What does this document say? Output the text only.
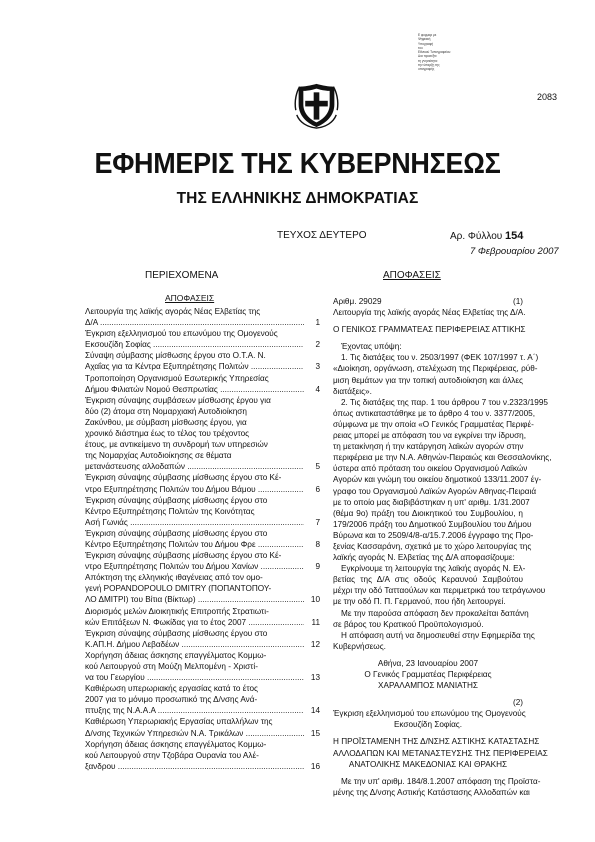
Ε φορμαρ με
Ψηφιακή
Υπογραφή
του
Εθνικού Τυπογραφείου
Δια προσέξτε
τη γνησιότητα
την ύπαρξη της
υπογραφής
2083
ΕΦΗΜΕΡΙΣ ΤΗΣ ΚΥΒΕΡΝΗΣΕΩΣ
ΤΗΣ ΕΛΛΗΝΙΚΗΣ ΔΗΜΟΚΡΑΤΙΑΣ
ΤΕΥΧΟΣ ΔΕΥΤΕΡΟ	Αρ. Φύλλου 154
7 Φεβρουαρίου 2007
ΠΕΡΙΕΧΟΜΕΝΑ	ΑΠΟΦΑΣΕΙΣ
ΑΠΟΦΑΣΕΙΣ
Λειτουργία της λαϊκής αγοράς Νέας Ελβετίας της
Δ/Α .....	1
Έγκριση εξελληνισμού του επωνύμου της Ομογενούς
Εκσουζίδη Σοφίας .....	2
Σύναψη σύμβασης μίσθωσης έργου στο Ο.Τ.Α. Ν.
Αχαΐας για τα Κέντρα Εξυπηρέτησης Πολιτών .....	3
Τροποποίηση Οργανισμού Εσωτερικής Υπηρεσίας
Δήμου Φιλιατών Νομού Θεσπρωτίας .....	4
Έγκριση σύναψης συμβάσεων μίσθωσης έργου για
δύο (2) άτομα στη Νομαρχιακή Αυτοδιοίκηση
Ζακύνθου, με σύμβαση μίσθωσης έργου, για
χρονικό διάστημα έως το τέλος του τρέχοντος
έτους, με αντικείμενο τη συνδρομή των υπηρεσιών
της Νομαρχίας Αυτοδιοίκησης σε θέματα
μετανάστευσης αλλοδαπών .....	5
Έγκριση σύναψης σύμβασης μίσθωσης έργου στο Κέ-
ντρο Εξυπηρέτησης Πολιτών του Δήμου Βάμου .....	6
Έγκριση σύναψης σύμβασης μίσθωσης έργου στο
Κέντρο Εξυπηρέτησης Πολιτών της Κοινότητας
Ασή Γωνιάς .....	7
Έγκριση σύναψης σύμβασης μίσθωσης έργου στο
Κέντρο Εξυπηρέτησης Πολιτών του Δήμου Φρε .....	8
Έγκριση σύναψης σύμβασης μίσθωσης έργου στο Κέ-
ντρο Εξυπηρέτησης Πολιτών του Δήμου Χανίων .....	9
Απόκτηση της ελληνικής ιθαγένειας από τον ομο-
γενή POPANDOPOULO DMITRY (ΠΟΠΑΝΤΟΠΟΥ-
ΛΟ ΔΜΙΤΡΙ) του Βίτια (Βίκτωρ) .....	10
Διορισμός μελών Διοικητικής Επιτροπής Στρατιωτι-
κών Επιτάξεων Ν. Φωκίδας για το έτος 2007 .....	11
Έγκριση σύναψης σύμβασης μίσθωσης έργου στο
Κ.ΑΠ.Η. Δήμου Λεβαδέων .....	12
Χορήγηση άδειας άσκησης επαγγέλματος Κομμω-
κού Λειτουργού στη Μούζη Μελπομένη - Χριστί-
να του Γεωργίου .....	13
Καθιέρωση υπερωριακής εργασίας κατά το έτος
2007 για το μόνιμο προσωπικό της Δ/νσης Ανά-
πτυξης της Ν.Α.Α.Α .....	14
Καθιέρωση Υπερωριακής Εργασίας υπαλλήλων της
Δ/νσης Τεχνικών Υπηρεσιών Ν.Α. Τρικάλων .....	15
Χορήγηση άδειας άσκησης επαγγέλματος Κομμω-
κού Λειτουργού στην Τζοβάρα Ουρανία του Αλέ-
ξανδρου .....	16
Αριθμ. 29029	(1)
Λειτουργία της λαϊκής αγοράς Νέας Ελβετίας της Δ/Α.
Ο ΓΕΝΙΚΟΣ ΓΡΑΜΜΑΤΕΑΣ ΠΕΡΙΦΕΡΕΙΑΣ ΑΤΤΙΚΗΣ
Έχοντας υπόψη:
1. Τις διατάξεις του ν. 2503/1997 (ΦΕΚ 107/1997 τ. Α΄)
«Διοίκηση, οργάνωση, στελέχωση της Περιφέρειας, ρύθ-
μιση θεμάτων για την τοπική αυτοδιοίκηση και άλλες
διατάξεις».
2. Τις διατάξεις της παρ. 1 του άρθρου 7 του ν.2323/1995
όπως αντικαταστάθηκε με το άρθρο 4 του ν. 3377/2005,
σύμφωνα με την οποία «Ο Γενικός Γραμματέας Περιφέ-
ρειας μπορεί με απόφαση του να εγκρίνει την ίδρυση,
τη μετακίνηση ή την κατάργηση λαϊκών αγορών στην
περιφέρεια με την Ν.Α. Αθηνών-Πειραιώς και Θεσσαλονίκης,
ύστερα από πρόταση του οικείου Οργανισμού Λαϊκών
Αγορών και γνώμη του οικείου δημοτικού 133/11.2007 έγ-
γραφο του Οργανισμού Λαϊκών Αγορών Αθηνας-Πειραιά
με το οποίο μας διαβιβάστηκαν η υπ' αριθμ. 1/31.2007
(θέμα 9ο) πράξη του Διοικητικού του Συμβουλίου, η
179/2006 πράξη του Δημοτικού Συμβουλίου του Δήμου
Βύρωνα και το 2509/4/8-α/15.7.2006 έγγραφο της Προ-
ξενίας Κασσαράνη, σχετικά με το χώρο λειτουργίας της
λαϊκής αγοράς Ν. Ελβετίας της Δ/Α αποφασίζουμε:
Εγκρίνουμε τη λειτουργία της λαϊκής αγοράς Ν. Ελ-
βετίας της Δ/Α στις οδούς Κεραυνού Σαμβούτου
μέχρι την οδό Τατταούλων και περιμετρικά του τετράγωνου
με την οδό Π. Π. Γερμανού, που ήδη λειτουργεί.
Με την παρούσα απόφαση δεν προκαλείται δαπάνη
σε βάρος του Κρατικού Προϋπολογισμού.
Η απόφαση αυτή να δημοσιευθεί στην Εφημερίδα της
Κυβερνήσεως.
Αθήνα, 23 Ιανουαρίου 2007
Ο Γενικός Γραμματέας Περιφέρειας
ΧΑΡΑΛΑΜΠΟΣ ΜΑΝΙΑΤΗΣ
(2)
Έγκριση εξελληνισμού του επωνύμου της Ομογενούς
Εκσουζίδη Σοφίας.
Η ΠΡΟΪΣΤΑΜΕΝΗ ΤΗΣ Δ/ΝΣΗΣ ΑΣΤΙΚΗΣ ΚΑΤΑΣΤΑΣΗΣ
ΑΛΛΟΔΑΠΩΝ ΚΑΙ ΜΕΤΑΝΑΣΤΕΥΣΗΣ ΤΗΣ ΠΕΡΙΦΕΡΕΙΑΣ
ΑΝΑΤΟΛΙΚΗΣ ΜΑΚΕΔΟΝΙΑΣ ΚΑΙ ΘΡΑΚΗΣ
Με την υπ' αριθμ. 184/8.1.2007 απόφαση της Προϊστα-
μένης της Δ/νσης Αστικής Κατάστασης Αλλοδαπών και
